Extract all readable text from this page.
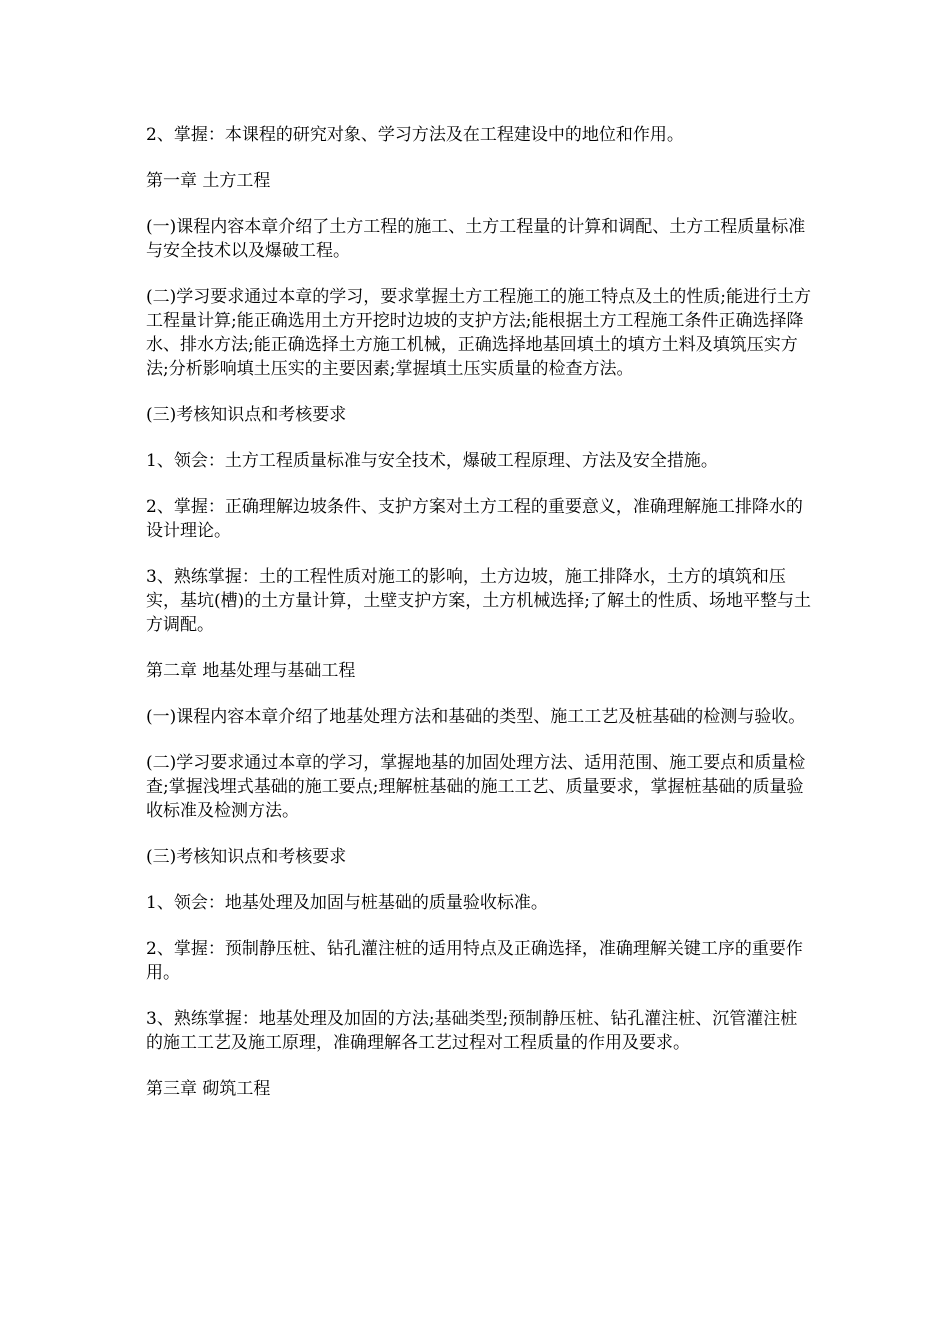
2、掌握：本课程的研究对象、学习方法及在工程建设中的地位和作用。

第一章 土方工程

(一)课程内容本章介绍了土方工程的施工、土方工程量的计算和调配、土方工程质量标准与安全技术以及爆破工程。

(二)学习要求通过本章的学习，要求掌握土方工程施工的施工特点及土的性质;能进行土方工程量计算;能正确选用土方开挖时边坡的支护方法;能根据土方工程施工条件正确选择降水、排水方法;能正确选择土方施工机械，正确选择地基回填土的填方土料及填筑压实方法;分析影响填土压实的主要因素;掌握填土压实质量的检查方法。

(三)考核知识点和考核要求

1、领会：土方工程质量标准与安全技术，爆破工程原理、方法及安全措施。

2、掌握：正确理解边坡条件、支护方案对土方工程的重要意义，准确理解施工排降水的设计理论。

3、熟练掌握：土的工程性质对施工的影响，土方边坡，施工排降水，土方的填筑和压实，基坑(槽)的土方量计算，土壁支护方案，土方机械选择;了解土的性质、场地平整与土方调配。

第二章 地基处理与基础工程

(一)课程内容本章介绍了地基处理方法和基础的类型、施工工艺及桩基础的检测与验收。

(二)学习要求通过本章的学习，掌握地基的加固处理方法、适用范围、施工要点和质量检查;掌握浅埋式基础的施工要点;理解桩基础的施工工艺、质量要求，掌握桩基础的质量验收标准及检测方法。

(三)考核知识点和考核要求

1、领会：地基处理及加固与桩基础的质量验收标准。

2、掌握：预制静压桩、钻孔灌注桩的适用特点及正确选择，准确理解关键工序的重要作用。

3、熟练掌握：地基处理及加固的方法;基础类型;预制静压桩、钻孔灌注桩、沉管灌注桩的施工工艺及施工原理，准确理解各工艺过程对工程质量的作用及要求。

第三章 砌筑工程
